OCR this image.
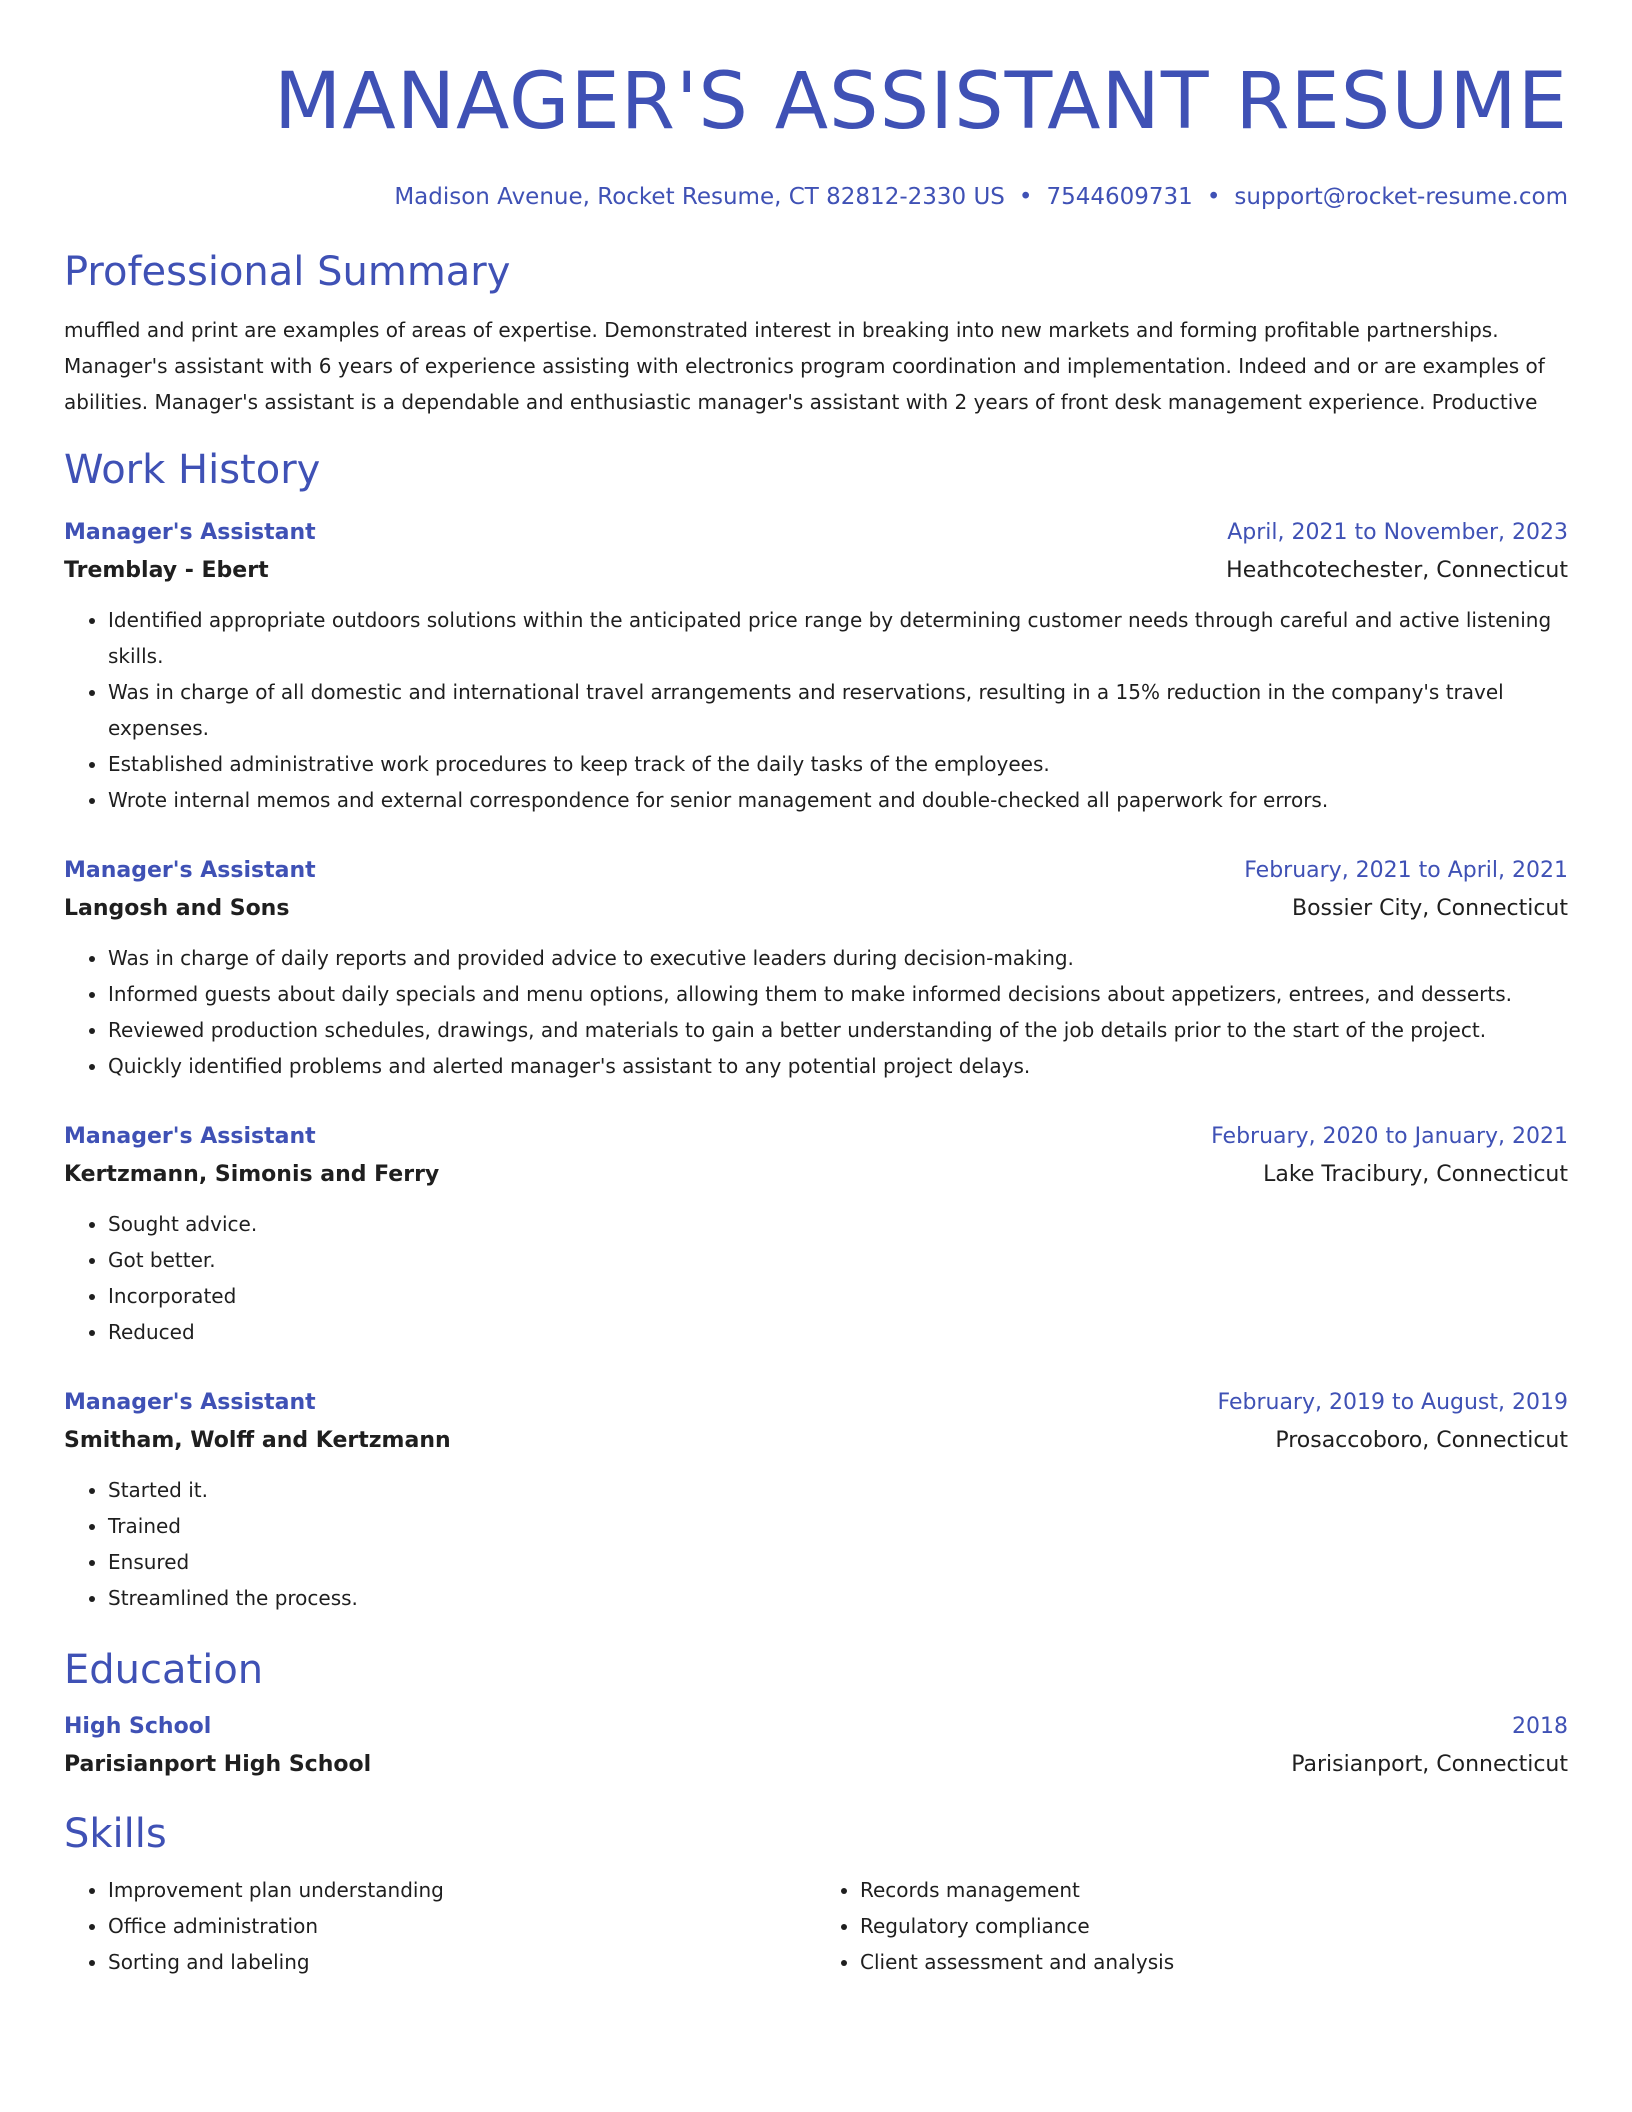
MANAGER'S ASSISTANT RESUME
Madison Avenue, Rocket Resume, CT 82812-2330 US • 7544609731 • support@rocket-resume.com
Professional Summary
muffled and print are examples of areas of expertise. Demonstrated interest in breaking into new markets and forming profitable partnerships. Manager's assistant with 6 years of experience assisting with electronics program coordination and implementation. Indeed and or are examples of abilities. Manager's assistant is a dependable and enthusiastic manager's assistant with 2 years of front desk management experience. Productive
Work History
Manager's Assistant	April, 2021 to November, 2023
Tremblay - Ebert	Heathcotechester, Connecticut
• Identified appropriate outdoors solutions within the anticipated price range by determining customer needs through careful and active listening skills.
• Was in charge of all domestic and international travel arrangements and reservations, resulting in a 15% reduction in the company's travel expenses.
• Established administrative work procedures to keep track of the daily tasks of the employees.
• Wrote internal memos and external correspondence for senior management and double-checked all paperwork for errors.
Manager's Assistant	February, 2021 to April, 2021
Langosh and Sons	Bossier City, Connecticut
• Was in charge of daily reports and provided advice to executive leaders during decision-making.
• Informed guests about daily specials and menu options, allowing them to make informed decisions about appetizers, entrees, and desserts.
• Reviewed production schedules, drawings, and materials to gain a better understanding of the job details prior to the start of the project.
• Quickly identified problems and alerted manager's assistant to any potential project delays.
Manager's Assistant	February, 2020 to January, 2021
Kertzmann, Simonis and Ferry	Lake Tracibury, Connecticut
• Sought advice.
• Got better.
• Incorporated
• Reduced
Manager's Assistant	February, 2019 to August, 2019
Smitham, Wolff and Kertzmann	Prosaccoboro, Connecticut
• Started it.
• Trained
• Ensured
• Streamlined the process.
Education
High School	2018
Parisianport High School	Parisianport, Connecticut
Skills
• Improvement plan understanding
• Office administration
• Sorting and labeling
• Records management
• Regulatory compliance
• Client assessment and analysis
